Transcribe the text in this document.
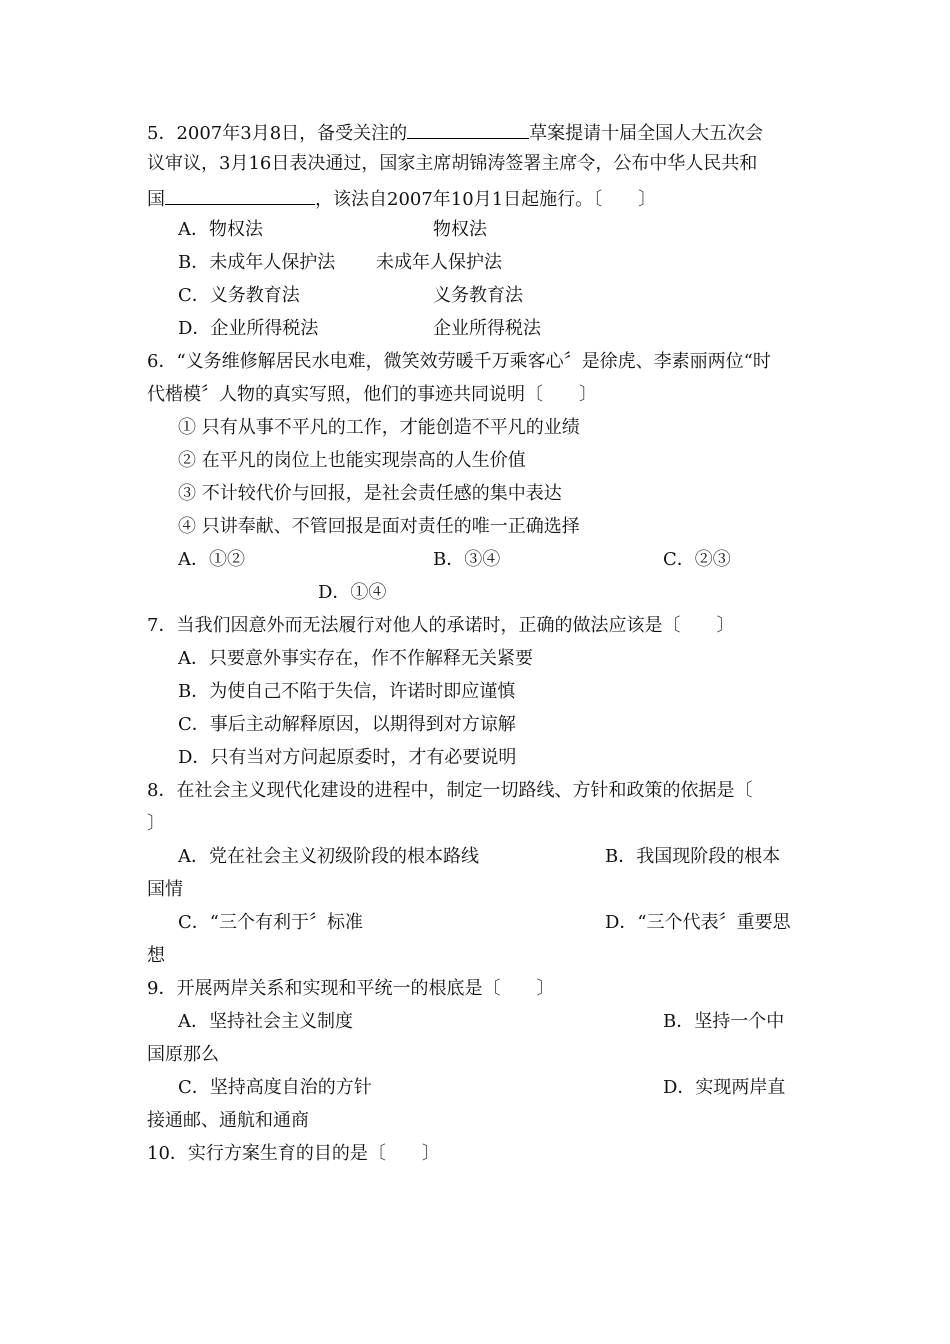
5．2007年3月8日，备受关注的	草案提请十届全国人大五次会
议审议，3月16日表决通过，国家主席胡锦涛签署主席令，公布中华人民共和
国	，该法自2007年10月1日起施行。〔　　〕
A．物权法	物权法
B．未成年人保护法 未成年人保护法
C．义务教育法	义务教育法
D．企业所得税法	企业所得税法
6．“义务维修解居民水电难，微笑效劳暖千万乘客心〞是徐虎、李素丽两位“时
代楷模〞人物的真实写照，他们的事迹共同说明〔　　〕
① 只有从事不平凡的工作，才能创造不平凡的业绩
② 在平凡的岗位上也能实现崇高的人生价值
③ 不计较代价与回报，是社会责任感的集中表达
④ 只讲奉献、不管回报是面对责任的唯一正确选择
A．①②	B．③④	C．②③
D．①④
7．当我们因意外而无法履行对他人的承诺时，正确的做法应该是〔　　〕
A．只要意外事实存在，作不作解释无关紧要
B．为使自己不陷于失信，许诺时即应谨慎
C．事后主动解释原因，以期得到对方谅解
D．只有当对方问起原委时，才有必要说明
8．在社会主义现代化建设的进程中，制定一切路线、方针和政策的依据是〔
〕
A．党在社会主义初级阶段的根本路线	B．我国现阶段的根本
国情
C．“三个有利于〞标准	D．“三个代表〞重要思
想
9．开展两岸关系和实现和平统一的根底是〔　　〕
A．坚持社会主义制度	B．坚持一个中
国原那么
C．坚持高度自治的方针	D．实现两岸直
接通邮、通航和通商
10．实行方案生育的目的是〔　　〕
